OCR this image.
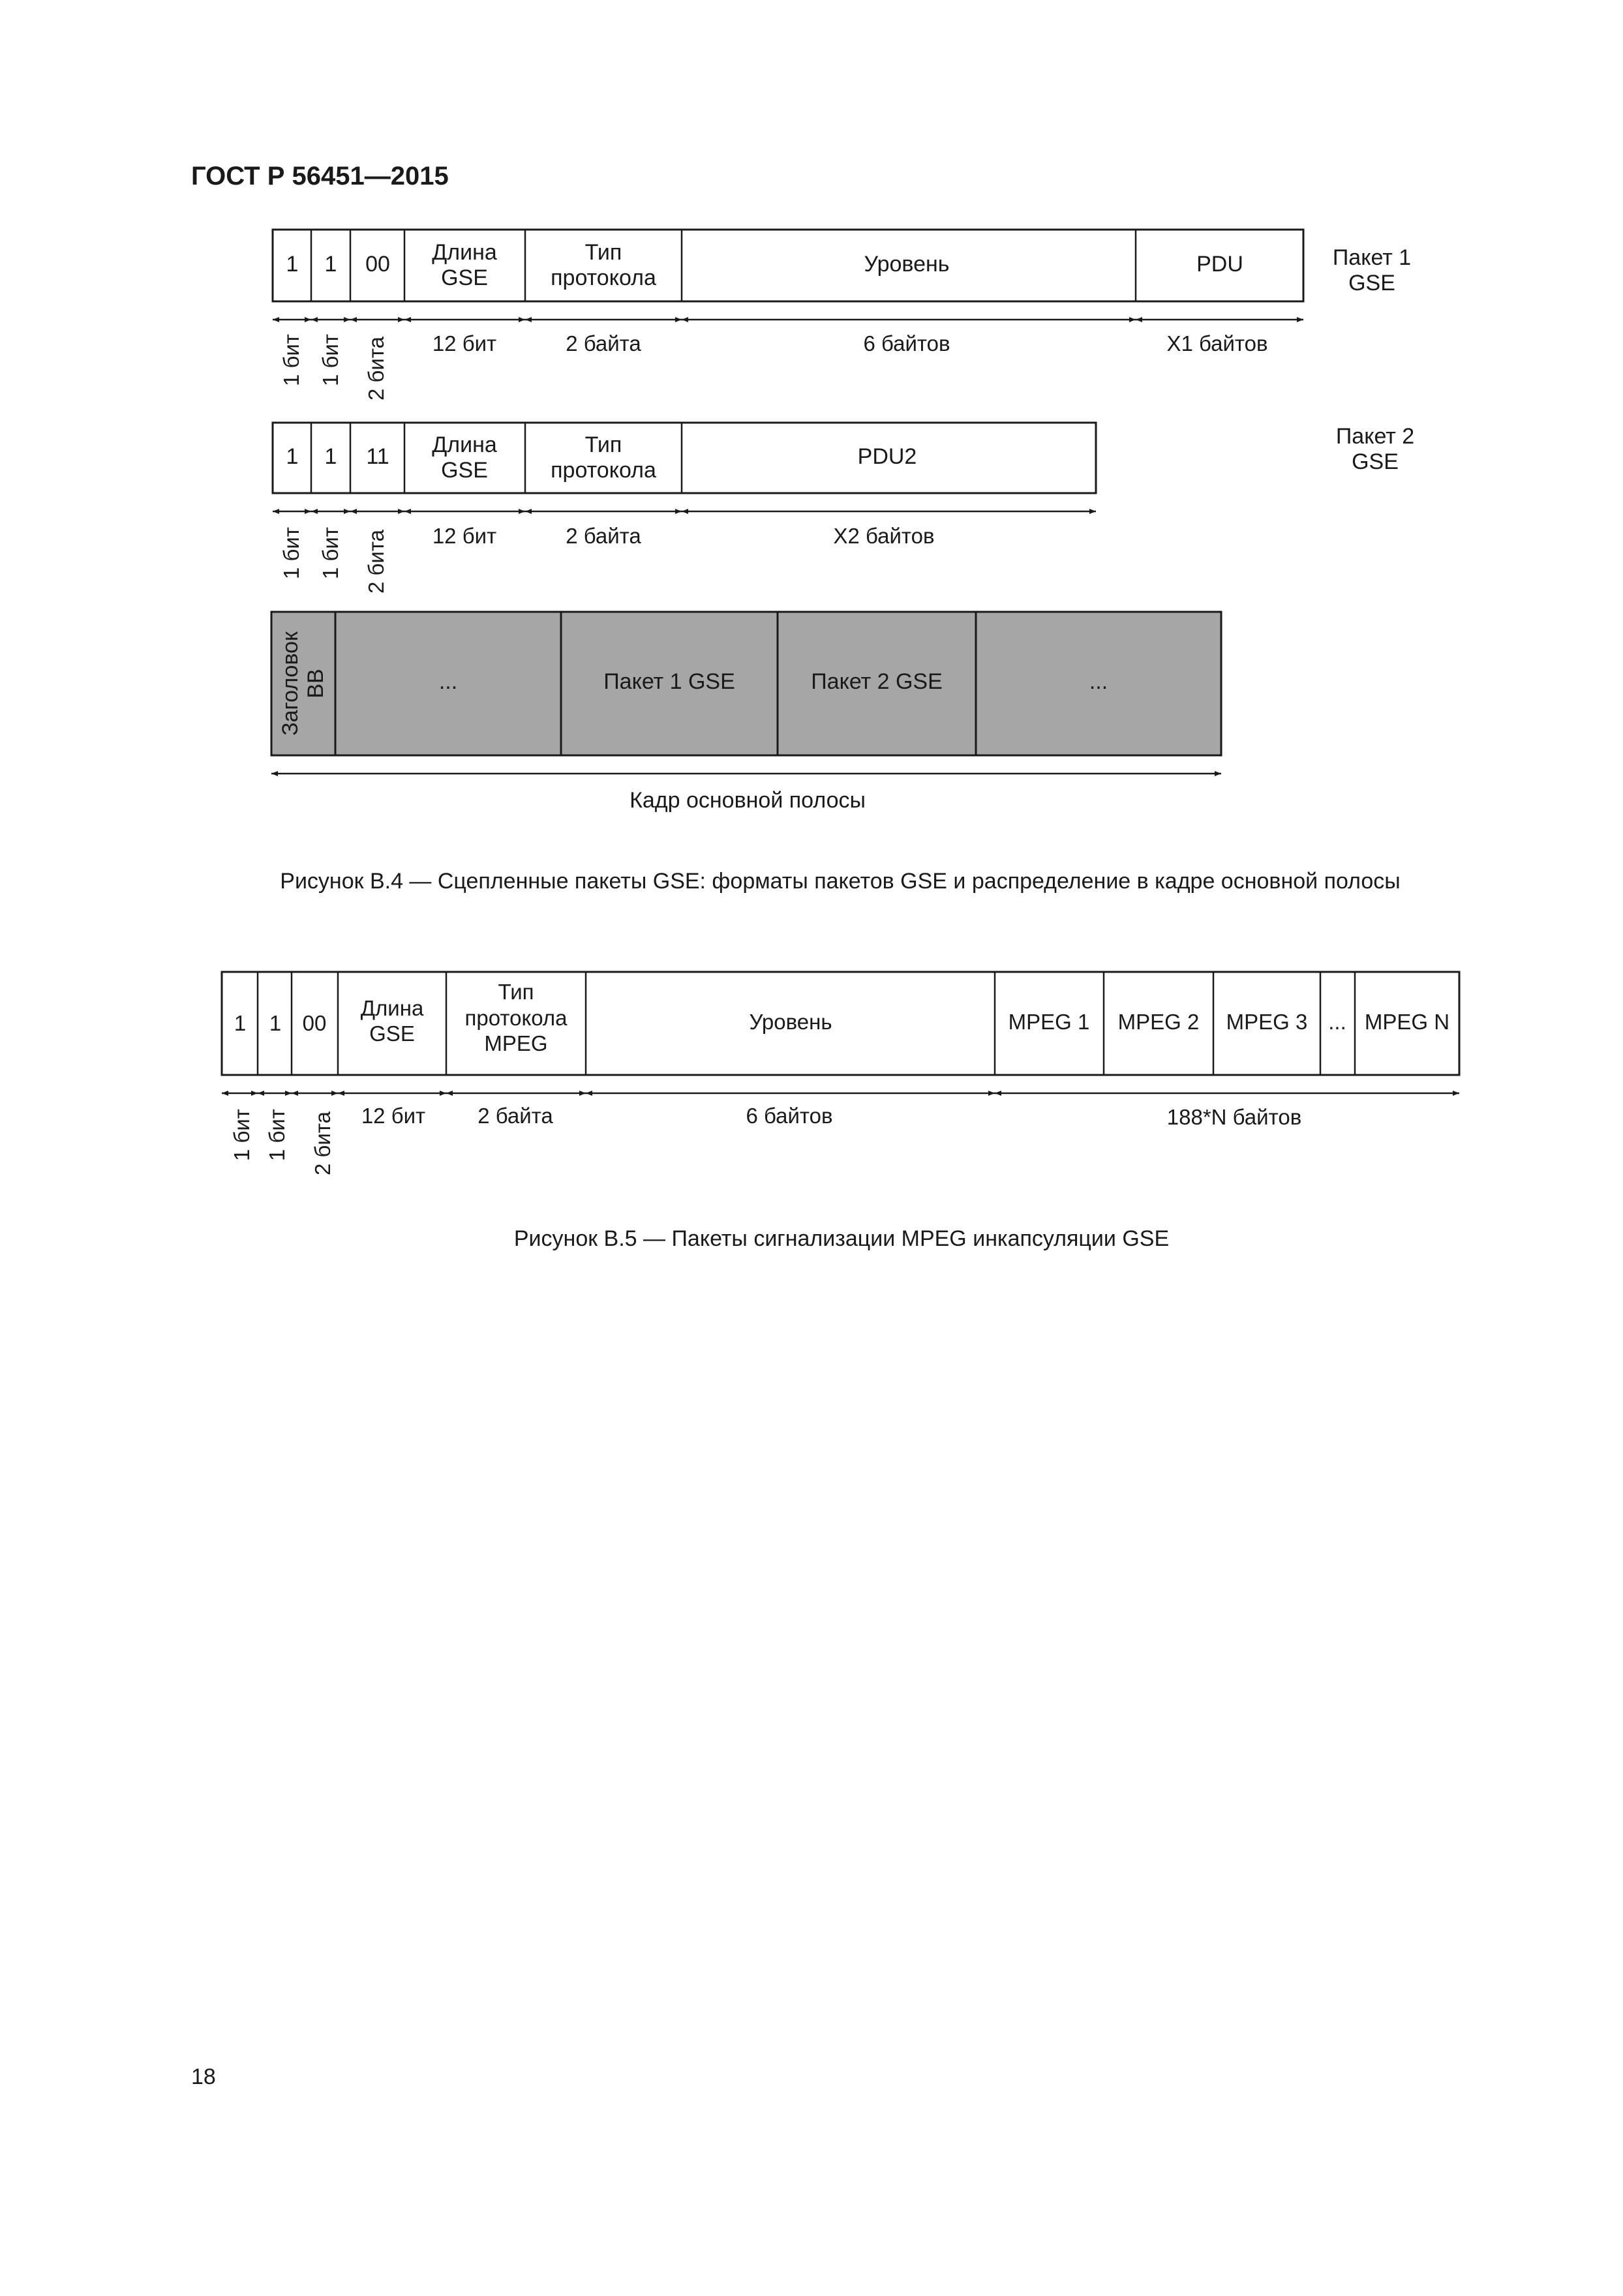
ГОСТ Р 56451—2015
1 1 00 Длина
GSE
Тип
протокола
Уровень	PDU	Пакет 1
GSE
1 бит 1 бит 2 бита 12 бит	2 байта	6 байтов	Х1 байтов
1 1 11 Длина
GSE
Тип
протокола
PDU2
Пакет 2
GSE
1 бит 1 бит 2 бита 12 бит	2 байта	Х2 байтов
Заголовок BB	...	Пакет 1 GSE	Пакет 2 GSE	...
Кадр основной полосы
Рисунок В.4 — Сцепленные пакеты GSE: форматы пакетов GSE и распределение в кадре основной полосы
1 1 00
Длина
GSE
Тип
протокола
MPEG
Уровень	MPEG 1 MPEG 2 MPEG 3 ... MPEG N
1 бит 1 бит 2 бита 12 бит 2 байта	6 байтов	188*N байтов
Рисунок В.5 — Пакеты сигнализации MPEG инкапсуляции GSE
18
